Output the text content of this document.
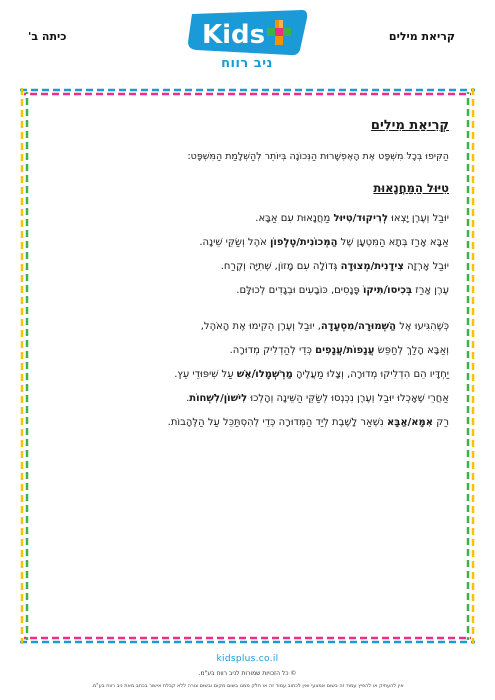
קריאת מילים
כיתה ב'	Kids
ניב רווח
קְרִיאַת מִילִים
הַקִּיפוּ בְּכָל מִשְׁפָּט אֶת הָאֶפְשָׁרוּת הַנְּכוֹנָה בְּיוֹתֵר לְהַשְׁלָמַת הַמִּשְׁפָּט:
טִיּוּל הַמַּחֲנָאוּת
יוּבַל וְעֶרֶן יָצְאוּ לְרִיקוּד/טִיּוּל מַחֲנָאוּת עִם אַבָּא.
אַבָּא אָרַז בְּתָא הַמִּטְעָן שֶׁל הַמְּכוֹנִית/טֶלֶפוֹן אֹהֶל וְשַׂקֵּי שֵׁינָה.
יוּבַל אָרְזָה צִידָנִית/מְצוּדָה גְּדוֹלָה עִם מָזוֹן, שְׁתִיָּה וְקֶרַח.
עֶרֶן אָרַז בְּכִיסוֹ/תִּיקוֹ פָּנָסִים, כּוֹבָעִים וּבְגָדִים לְכוּלָּם.
כְּשֶׁהִגִּיעוּ אֶל הַשְּׁמוּרָה/מִסְעָדָה, יוּבַל וְעֶרֶן הֵקִימוּ אֶת הָאֹהֶל,
וְאַבָּא הָלַךְ לְחַפֵּשׂ עֲנָפוֹת/עֲנָפִים כְּדֵי לְהַדְלִיק מְדוּרָה.
יַחְדָּיו הֵם הִדְלִיקוּ מְדוּרָה, וְצָלוּ מַעֲלֶיהָ מַרְשְׁמָלוֹ/אֵשׁ עַל שִׁיפּוּדֵי עֵץ.
אַחֲרֵי שֶׁאָכְלוּ יוּבַל וְעֶרֶן נִכְנְסוּ לְשַׂקֵּי הַשֵּׁינָה וְהָלְכוּ לִישׁוֹן/לִשְׁחוֹת.
רַק אִמָּא/אַבָּא נִשְׁאַר לָשֶׁבֶת לְיַד הַמְּדוּרָה כְּדֵי לְהִסְתַּכֵּל עַל הַלֶּהָבוֹת.
kidsplus.co.il
© כל הזכויות שמורות לניב רווח בע"מ.
אין להעתיק או להפיץ עמוד זה בשום אמצעי ואין לכתוב עמוד זה או חלק ממנו בשום מקום ובשום צורה ללא קבלת אישור בכתב מאת ניב רווח בע"מ.
